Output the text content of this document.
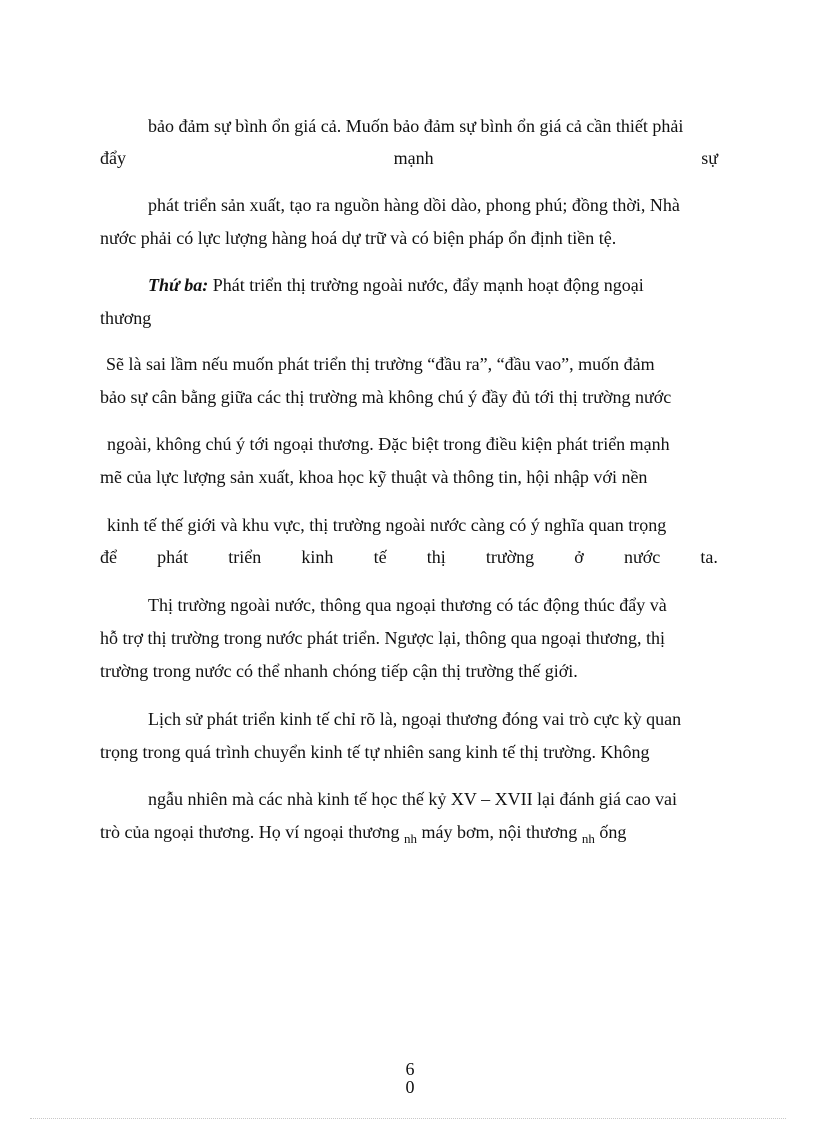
bảo đảm sự bình ổn giá cả. Muốn bảo đảm sự bình ổn giá cả cần thiết phải
đẩy	mạnh	sự
phát triển sản xuất, tạo ra nguồn hàng dồi dào, phong phú; đồng thời, Nhà
nước phải có lực lượng hàng hoá dự trữ và có biện pháp ổn định tiền tệ.
Thứ ba: Phát triển thị trường ngoài nước, đẩy mạnh hoạt động ngoại
thương
Sẽ là sai lầm nếu muốn phát triển thị trường “đầu ra”, “đầu vao”, muốn đảm
bảo sự cân bằng giữa các thị trường mà không chú ý đầy đủ tới thị trường nước
ngoài, không chú ý tới ngoại thương. Đặc biệt trong điều kiện phát triển mạnh
mẽ của lực lượng sản xuất, khoa học kỹ thuật và thông tin, hội nhập với nền
kinh tế thế giới và khu vực, thị trường ngoài nước càng có ý nghĩa quan trọng
để phát triển kinh tế thị trường ở nước ta.
Thị trường ngoài nước, thông qua ngoại thương có tác động thúc đẩy và
hỗ trợ thị trường trong nước phát triển. Ngược lại, thông qua ngoại thương, thị
trường trong nước có thể nhanh chóng tiếp cận thị trường thế giới.
Lịch sử phát triển kinh tế chỉ rõ là, ngoại thương đóng vai trò cực kỳ quan
trọng trong quá trình chuyển kinh tế tự nhiên sang kinh tế thị trường. Không
ngẫu nhiên mà các nhà kinh tế học thế kỷ XV – XVII lại đánh giá cao vai
trò của ngoại thương. Họ ví ngoại thương $_{nh}$ máy bơm, nội thương $_{nh}$ ống
6
0
